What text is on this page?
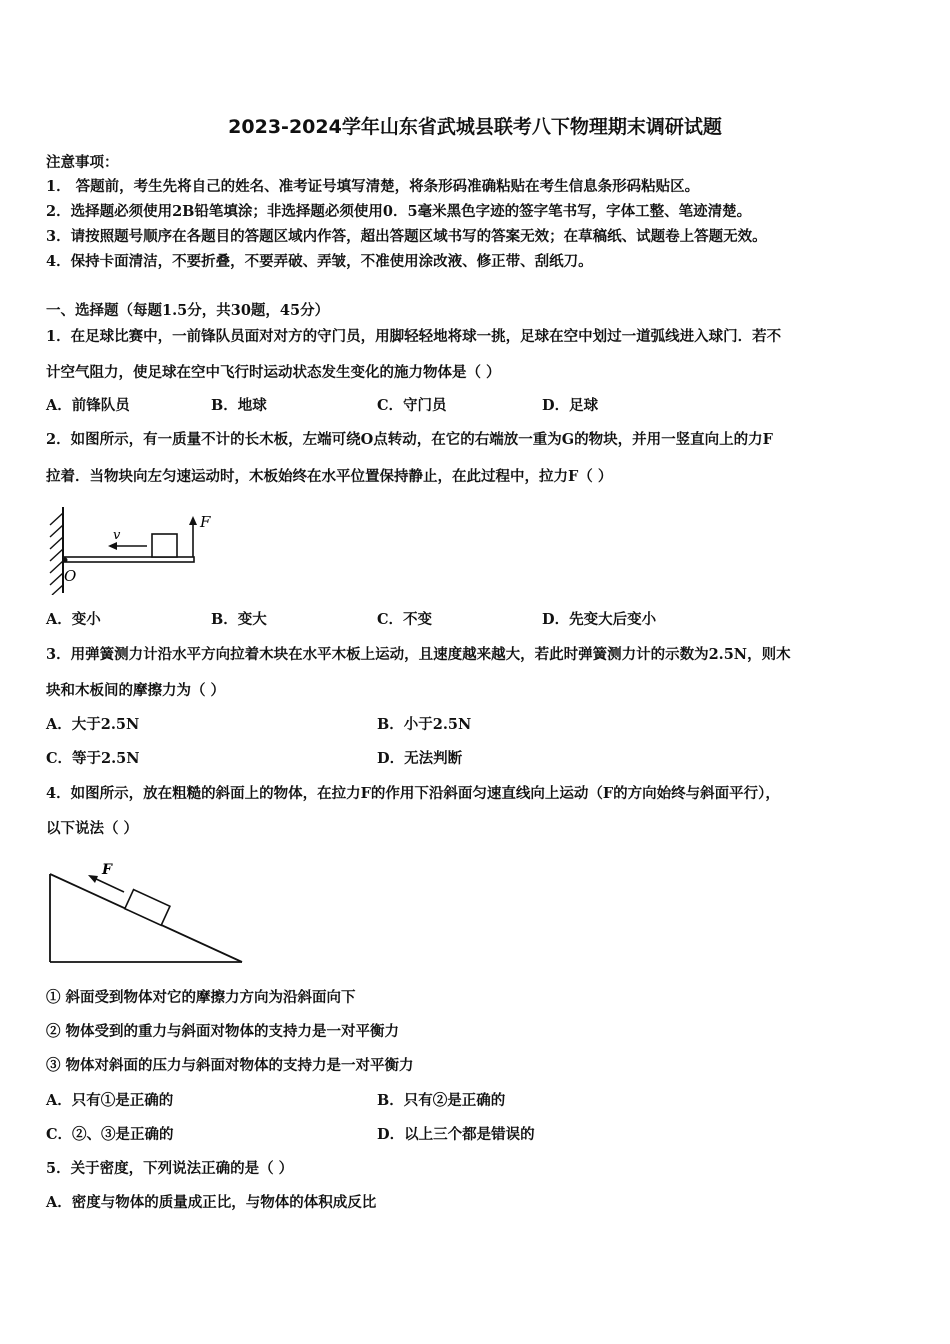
2023-2024学年山东省武城县联考八下物理期末调研试题
注意事项：
1． 答题前，考生先将自己的姓名、准考证号填写清楚，将条形码准确粘贴在考生信息条形码粘贴区。
2．选择题必须使用2B铅笔填涂；非选择题必须使用0．5毫米黑色字迹的签字笔书写，字体工整、笔迹清楚。
3．请按照题号顺序在各题目的答题区域内作答，超出答题区域书写的答案无效；在草稿纸、试题卷上答题无效。
4．保持卡面清洁，不要折叠，不要弄破、弄皱，不准使用涂改液、修正带、刮纸刀。
一、选择题（每题1.5分，共30题，45分）
1．在足球比赛中，一前锋队员面对对方的守门员，用脚轻轻地将球一挑，足球在空中划过一道弧线进入球门．若不
计空气阻力，使足球在空中飞行时运动状态发生变化的施力物体是（ ）
A．前锋队员	B．地球	C．守门员	D．足球
2．如图所示，有一质量不计的长木板，左端可绕O点转动，在它的右端放一重为G的物块，并用一竖直向上的力F
拉着．当物块向左匀速运动时，木板始终在水平位置保持静止，在此过程中，拉力F（ ）
v
F
O
A．变小	B．变大	C．不变	D．先变大后变小
3．用弹簧测力计沿水平方向拉着木块在水平木板上运动，且速度越来越大，若此时弹簧测力计的示数为2.5N，则木
块和木板间的摩擦力为（ ）
A．大于2.5N	B．小于2.5N
C．等于2.5N	D．无法判断
4．如图所示，放在粗糙的斜面上的物体，在拉力F的作用下沿斜面匀速直线向上运动（F的方向始终与斜面平行），
以下说法（ ）
F
① 斜面受到物体对它的摩擦力方向为沿斜面向下
② 物体受到的重力与斜面对物体的支持力是一对平衡力
③ 物体对斜面的压力与斜面对物体的支持力是一对平衡力
A．只有①是正确的	B．只有②是正确的
C．②、③是正确的	D．以上三个都是错误的
5．关于密度，下列说法正确的是（ ）
A．密度与物体的质量成正比，与物体的体积成反比
